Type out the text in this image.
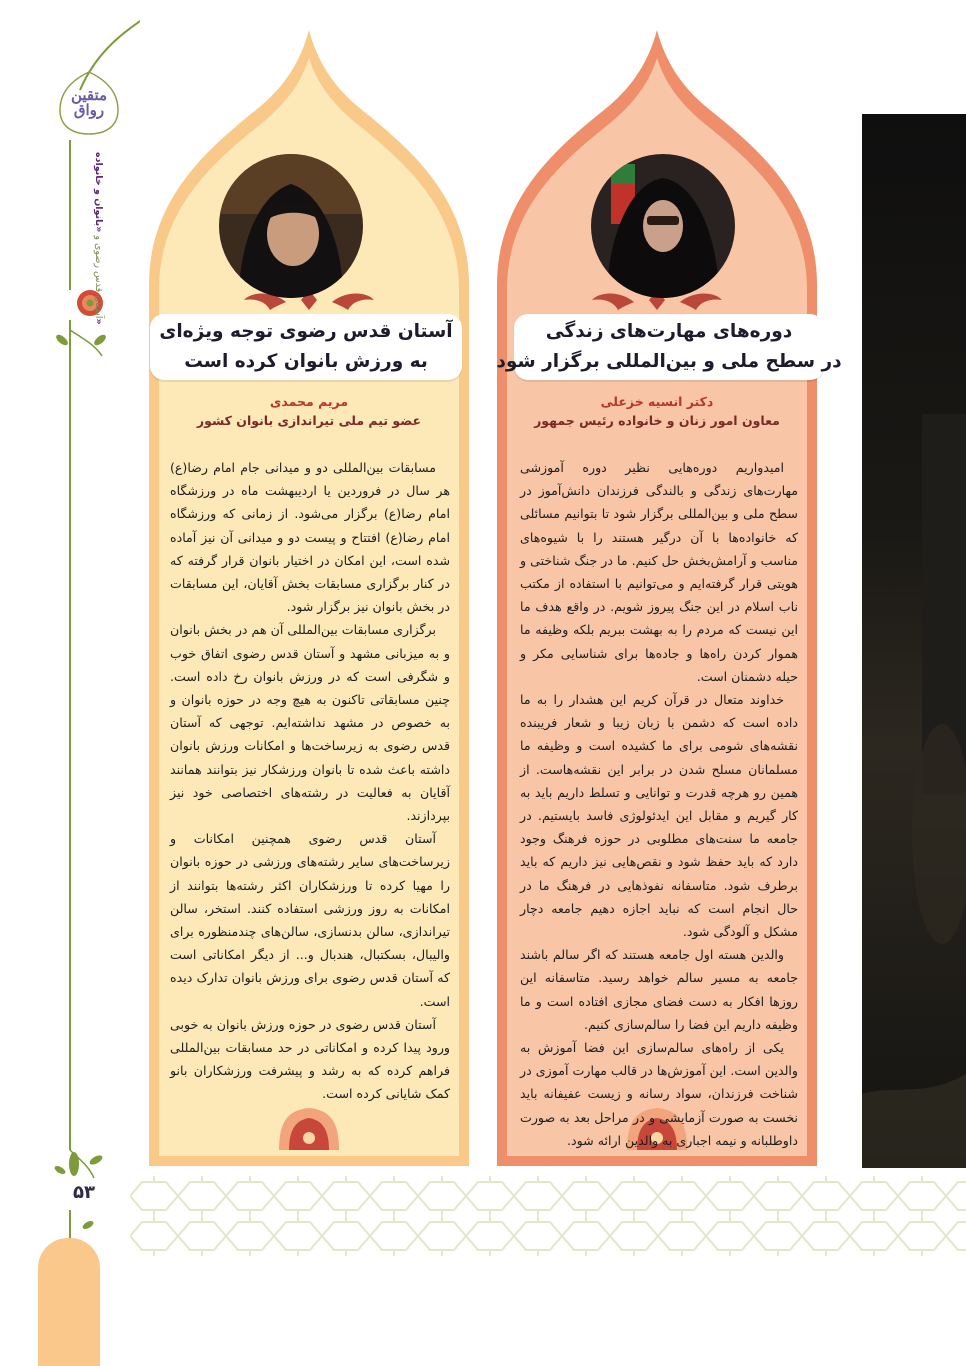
متقین رواق
آستان قدس رضوی و «بانوان و خانواده»
۵۳
آستان قدس رضوی توجه ویژه‌ای
به ورزش بانوان کرده است
مریم محمدی
عضو تیم ملی تیراندازی بانوان کشور

مسابقات بین‌المللی دو و میدانی جام امام رضا(ع) هر سال در فروردین یا اردیبهشت ماه در ورزشگاه امام رضا(ع) برگزار می‌شود. از زمانی که ورزشگاه امام رضا(ع) افتتاح و پیست دو و میدانی آن نیز آماده شده است، این امکان در اختیار بانوان قرار گرفته که در کنار برگزاری مسابقات بخش آقایان، این مسابقات در بخش بانوان نیز برگزار شود.

برگزاری مسابقات بین‌المللی آن هم در بخش بانوان و به میزبانی مشهد و آستان قدس رضوی اتفاق خوب و شگرفی است که در ورزش بانوان رخ داده است. چنین مسابقاتی تاکنون به هیچ وجه در حوزه بانوان و به خصوص در مشهد نداشته‌ایم. توجهی که آستان قدس رضوی به زیرساخت‌ها و امکانات ورزش بانوان داشته باعث شده تا بانوان ورزشکار نیز بتوانند همانند آقایان به فعالیت در رشته‌های اختصاصی خود نیز بپردازند.

آستان قدس رضوی همچنین امکانات و زیرساخت‌های سایر رشته‌های ورزشی در حوزه بانوان را مهیا کرده تا ورزشکاران اکثر رشته‌ها بتوانند از امکانات به روز ورزشی استفاده کنند. استخر، سالن تیراندازی، سالن بدنسازی، سالن‌های چندمنظوره برای والیبال، بسکتبال، هندبال و... از دیگر امکاناتی است که آستان قدس رضوی برای ورزش بانوان تدارک دیده است.

آستان قدس رضوی در حوزه ورزش بانوان به خوبی ورود پیدا کرده و امکاناتی در حد مسابقات بین‌المللی فراهم کرده که به رشد و پیشرفت ورزشکاران بانو کمک شایانی کرده است.

دوره‌های مهارت‌های زندگی
در سطح ملی و بین‌المللی برگزار شود
دکتر انسیه خزعلی
معاون امور زنان و خانواده رئیس جمهور

امیدواریم دوره‌هایی نظیر دوره آموزشی مهارت‌های زندگی و بالندگی فرزندان دانش‌آموز در سطح ملی و بین‌المللی برگزار شود تا بتوانیم مسائلی که خانواده‌ها با آن درگیر هستند را با شیوه‌های مناسب و آرامش‌بخش حل کنیم. ما در جنگ شناختی و هویتی قرار گرفته‌ایم و می‌توانیم با استفاده از مکتب ناب اسلام در این جنگ پیروز شویم. در واقع هدف ما این نیست که مردم را به بهشت ببریم بلکه وظیفه ما هموار کردن راه‌ها و جاده‌ها برای شناسایی مکر و حیله دشمنان است.

خداوند متعال در قرآن کریم این هشدار را به ما داده است که دشمن با زبان زیبا و شعار فریبنده نقشه‌های شومی برای ما کشیده است و وظیفه ما مسلمانان مسلح شدن در برابر این نقشه‌هاست. از همین رو هرچه قدرت و توانایی و تسلط داریم باید به کار گیریم و مقابل این ایدئولوژی فاسد بایستیم. در جامعه ما سنت‌های مطلوبی در حوزه فرهنگ وجود دارد که باید حفظ شود و نقص‌هایی نیز داریم که باید برطرف شود. متاسفانه نفوذهایی در فرهنگ ما در حال انجام است که نباید اجازه دهیم جامعه دچار مشکل و آلودگی شود.

والدین هسته اول جامعه هستند که اگر سالم باشند جامعه به مسیر سالم خواهد رسید. متاسفانه این روزها افکار به دست فضای مجازی افتاده است و ما وظیفه داریم این فضا را سالم‌سازی کنیم.

یکی از راه‌های سالم‌سازی این فضا آموزش به والدین است. این آموزش‌ها در قالب مهارت آموزی در شناخت فرزندان، سواد رسانه و زیست عفیفانه باید نخست به صورت آزمایشی و در مراحل بعد به صورت داوطلبانه و نیمه اجباری به والدین ارائه شود.
